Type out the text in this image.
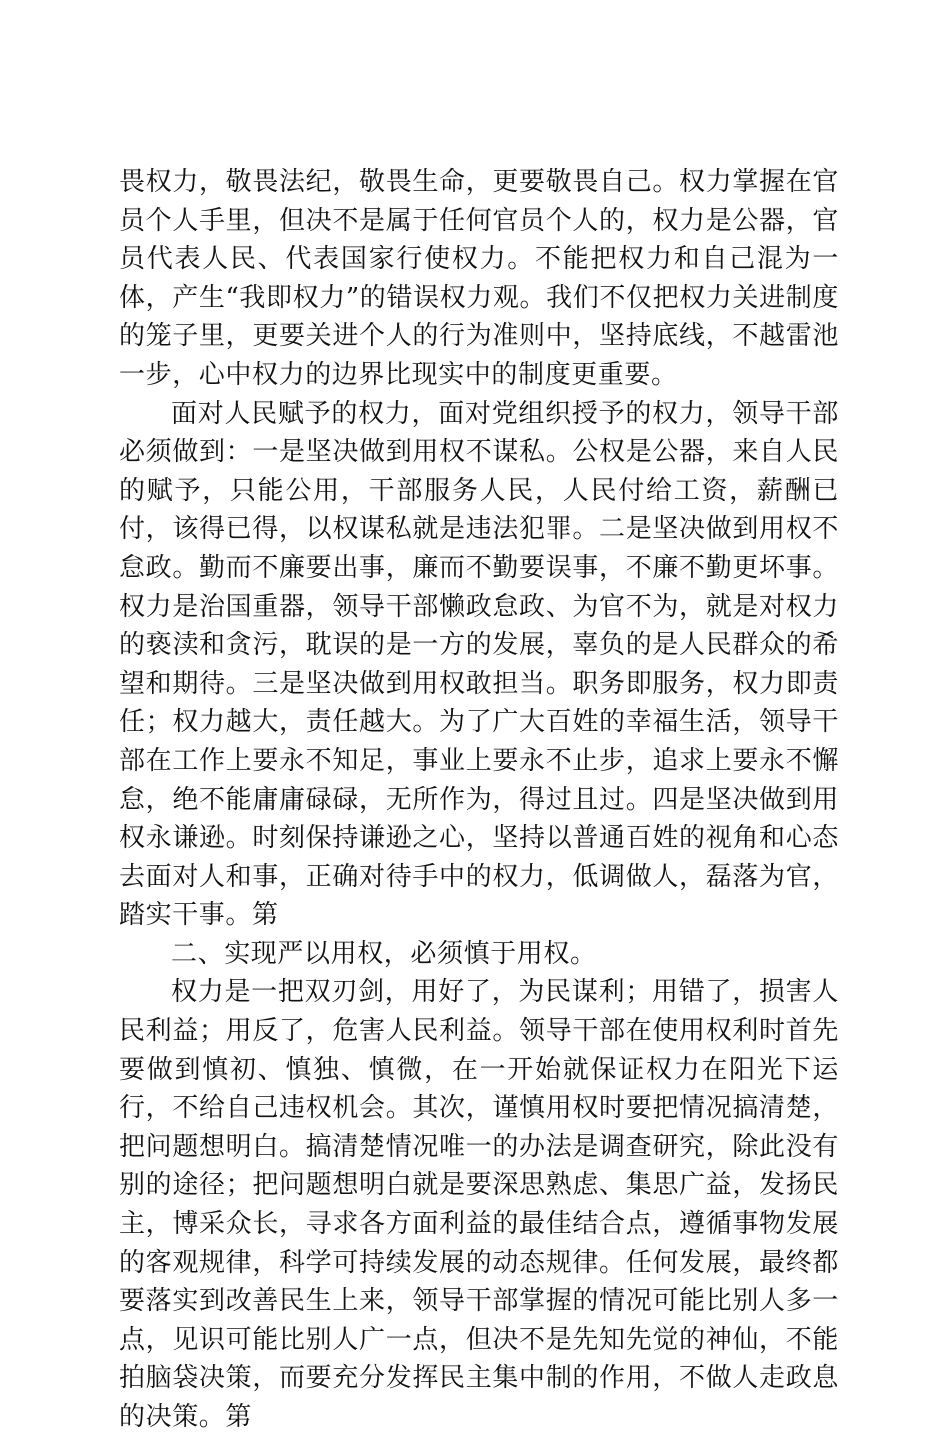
畏权力，敬畏法纪，敬畏生命，更要敬畏自己。权力掌握在官员个人手里，但决不是属于任何官员个人的，权力是公器，官员代表人民、代表国家行使权力。不能把权力和自己混为一体，产生“我即权力”的错误权力观。我们不仅把权力关进制度的笼子里，更要关进个人的行为准则中，坚持底线，不越雷池一步，心中权力的边界比现实中的制度更重要。

面对人民赋予的权力，面对党组织授予的权力，领导干部必须做到：一是坚决做到用权不谋私。公权是公器，来自人民的赋予，只能公用，干部服务人民，人民付给工资，薪酬已付，该得已得，以权谋私就是违法犯罪。二是坚决做到用权不怠政。勤而不廉要出事，廉而不勤要误事，不廉不勤更坏事。权力是治国重器，领导干部懒政怠政、为官不为，就是对权力的亵渎和贪污，耽误的是一方的发展，辜负的是人民群众的希望和期待。三是坚决做到用权敢担当。职务即服务，权力即责任；权力越大，责任越大。为了广大百姓的幸福生活，领导干部在工作上要永不知足，事业上要永不止步，追求上要永不懈怠，绝不能庸庸碌碌，无所作为，得过且过。四是坚决做到用权永谦逊。时刻保持谦逊之心，坚持以普通百姓的视角和心态去面对人和事，正确对待手中的权力，低调做人，磊落为官，踏实干事。第

二、实现严以用权，必须慎于用权。

权力是一把双刃剑，用好了，为民谋利；用错了，损害人民利益；用反了，危害人民利益。领导干部在使用权利时首先要做到慎初、慎独、慎微，在一开始就保证权力在阳光下运行，不给自己违权机会。其次，谨慎用权时要把情况搞清楚，把问题想明白。搞清楚情况唯一的办法是调查研究，除此没有别的途径；把问题想明白就是要深思熟虑、集思广益，发扬民主，博采众长，寻求各方面利益的最佳结合点，遵循事物发展的客观规律，科学可持续发展的动态规律。任何发展，最终都要落实到改善民生上来，领导干部掌握的情况可能比别人多一点，见识可能比别人广一点，但决不是先知先觉的神仙，不能拍脑袋决策，而要充分发挥民主集中制的作用，不做人走政息的决策。第
